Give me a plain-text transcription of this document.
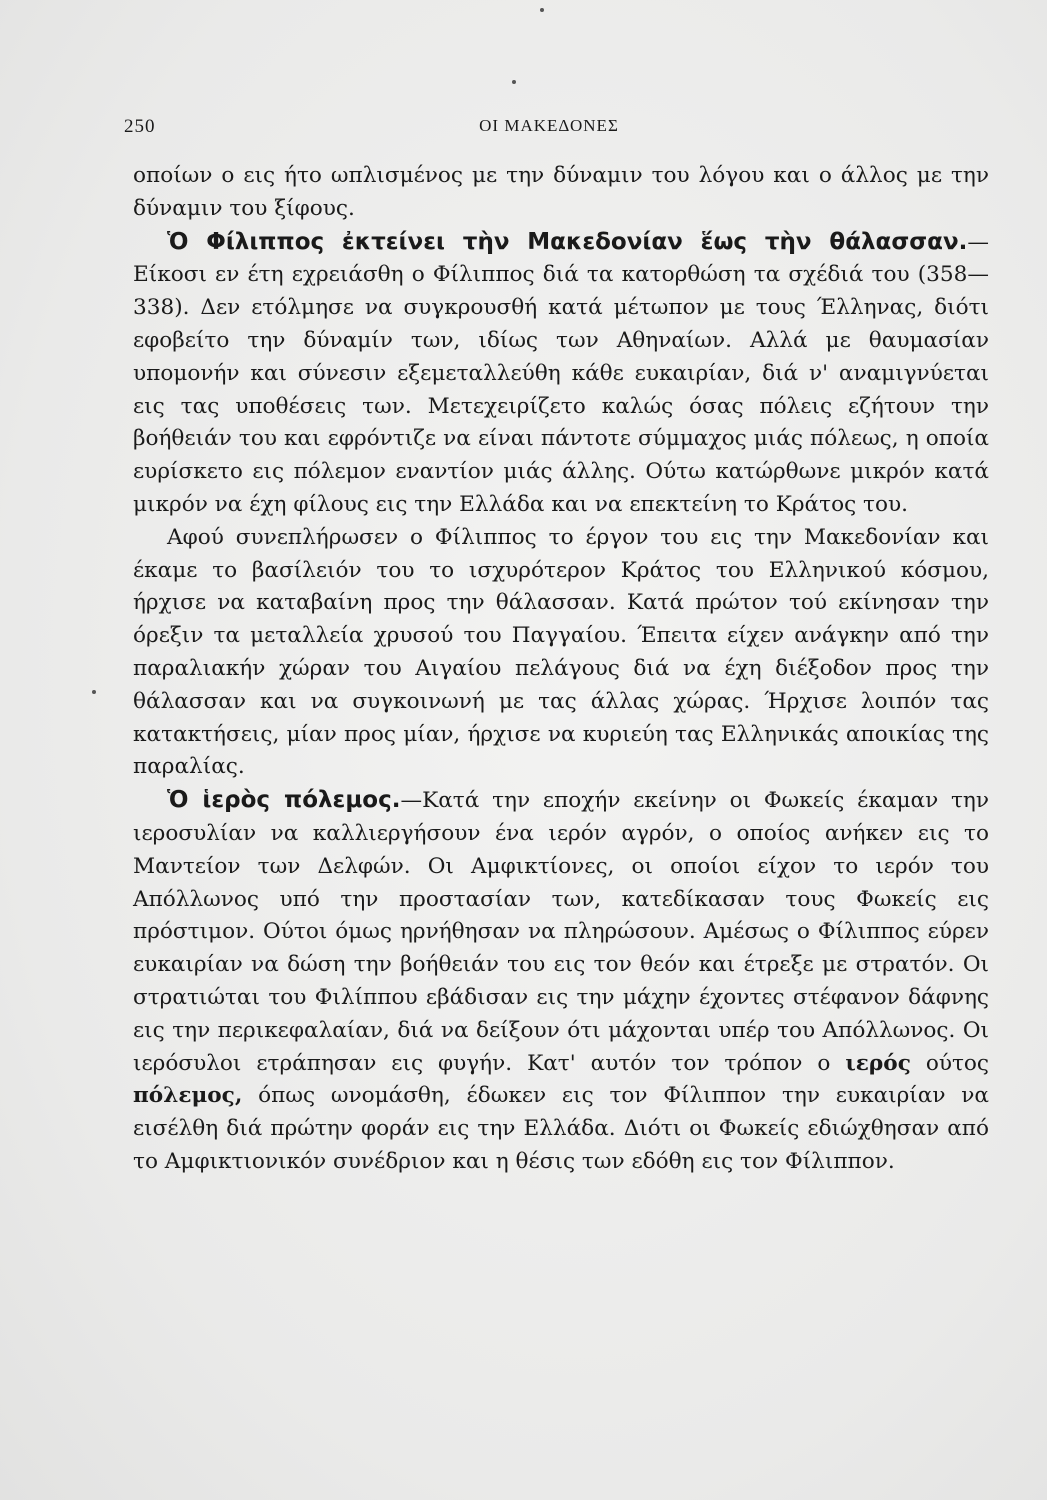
250	ΟΙ ΜΑΚΕΔΟΝΕΣ

οποίων ο εις ήτο ωπλισμένος με την δύναμιν του λόγου και ο άλλος με την δύναμιν του ξίφους.

Ὁ Φίλιππος ἐκτείνει τὴν Μακεδονίαν ἕως τὴν θάλασσαν.—Είκοσι εν έτη εχρειάσθη ο Φίλιππος διά τα κατορθώση τα σχέδιά του (358—338). Δεν ετόλμησε να συγκρουσθή κατά μέτωπον με τους Έλληνας, διότι εφοβείτο την δύναμίν των, ιδίως των Αθηναίων. Αλλά με θαυμασίαν υπομονήν και σύνεσιν εξεμεταλλεύθη κάθε ευκαιρίαν, διά ν' αναμιγνύεται εις τας υποθέσεις των. Μετεχειρίζετο καλώς όσας πόλεις εζήτουν την βοήθειάν του και εφρόντιζε να είναι πάντοτε σύμμαχος μιάς πόλεως, η οποία ευρίσκετο εις πόλεμον εναντίον μιάς άλλης. Ούτω κατώρθωνε μικρόν κατά μικρόν να έχη φίλους εις την Ελλάδα και να επεκτείνη το Κράτος του.

Αφού συνεπλήρωσεν ο Φίλιππος το έργον του εις την Μακεδονίαν και έκαμε το βασίλειόν του το ισχυρότερον Κράτος του Ελληνικού κόσμου, ήρχισε να καταβαίνη προς την θάλασσαν. Κατά πρώτον τού εκίνησαν την όρεξιν τα μεταλλεία χρυσού του Παγγαίου. Έπειτα είχεν ανάγκην από την παραλιακήν χώραν του Αιγαίου πελάγους διά να έχη διέξοδον προς την θάλασσαν και να συγκοινωνή με τας άλλας χώρας. Ήρχισε λοιπόν τας κατακτήσεις, μίαν προς μίαν, ήρχισε να κυριεύη τας Ελληνικάς αποικίας της παραλίας.

Ὁ ἱερὸς πόλεμος.—Κατά την εποχήν εκείνην οι Φωκείς έκαμαν την ιεροσυλίαν να καλλιεργήσουν ένα ιερόν αγρόν, ο οποίος ανήκεν εις το Μαντείον των Δελφών. Οι Αμφικτίονες, οι οποίοι είχον το ιερόν του Απόλλωνος υπό την προστασίαν των, κατεδίκασαν τους Φωκείς εις πρόστιμον. Ούτοι όμως ηρνήθησαν να πληρώσουν. Αμέσως ο Φίλιππος εύρεν ευκαιρίαν να δώση την βοήθειάν του εις τον θεόν και έτρεξε με στρατόν. Οι στρατιώται του Φιλίππου εβάδισαν εις την μάχην έχοντες στέφανον δάφνης εις την περικεφαλαίαν, διά να δείξουν ότι μάχονται υπέρ του Απόλλωνος. Οι ιερόσυλοι ετράπησαν εις φυγήν. Κατ' αυτόν τον τρόπον ο ιερός ούτος πόλεμος, όπως ωνομάσθη, έδωκεν εις τον Φίλιππον την ευκαιρίαν να εισέλθη διά πρώτην φοράν εις την Ελλάδα. Διότι οι Φωκείς εδιώχθησαν από το Αμφικτιονικόν συνέδριον και η θέσις των εδόθη εις τον Φίλιππον.
